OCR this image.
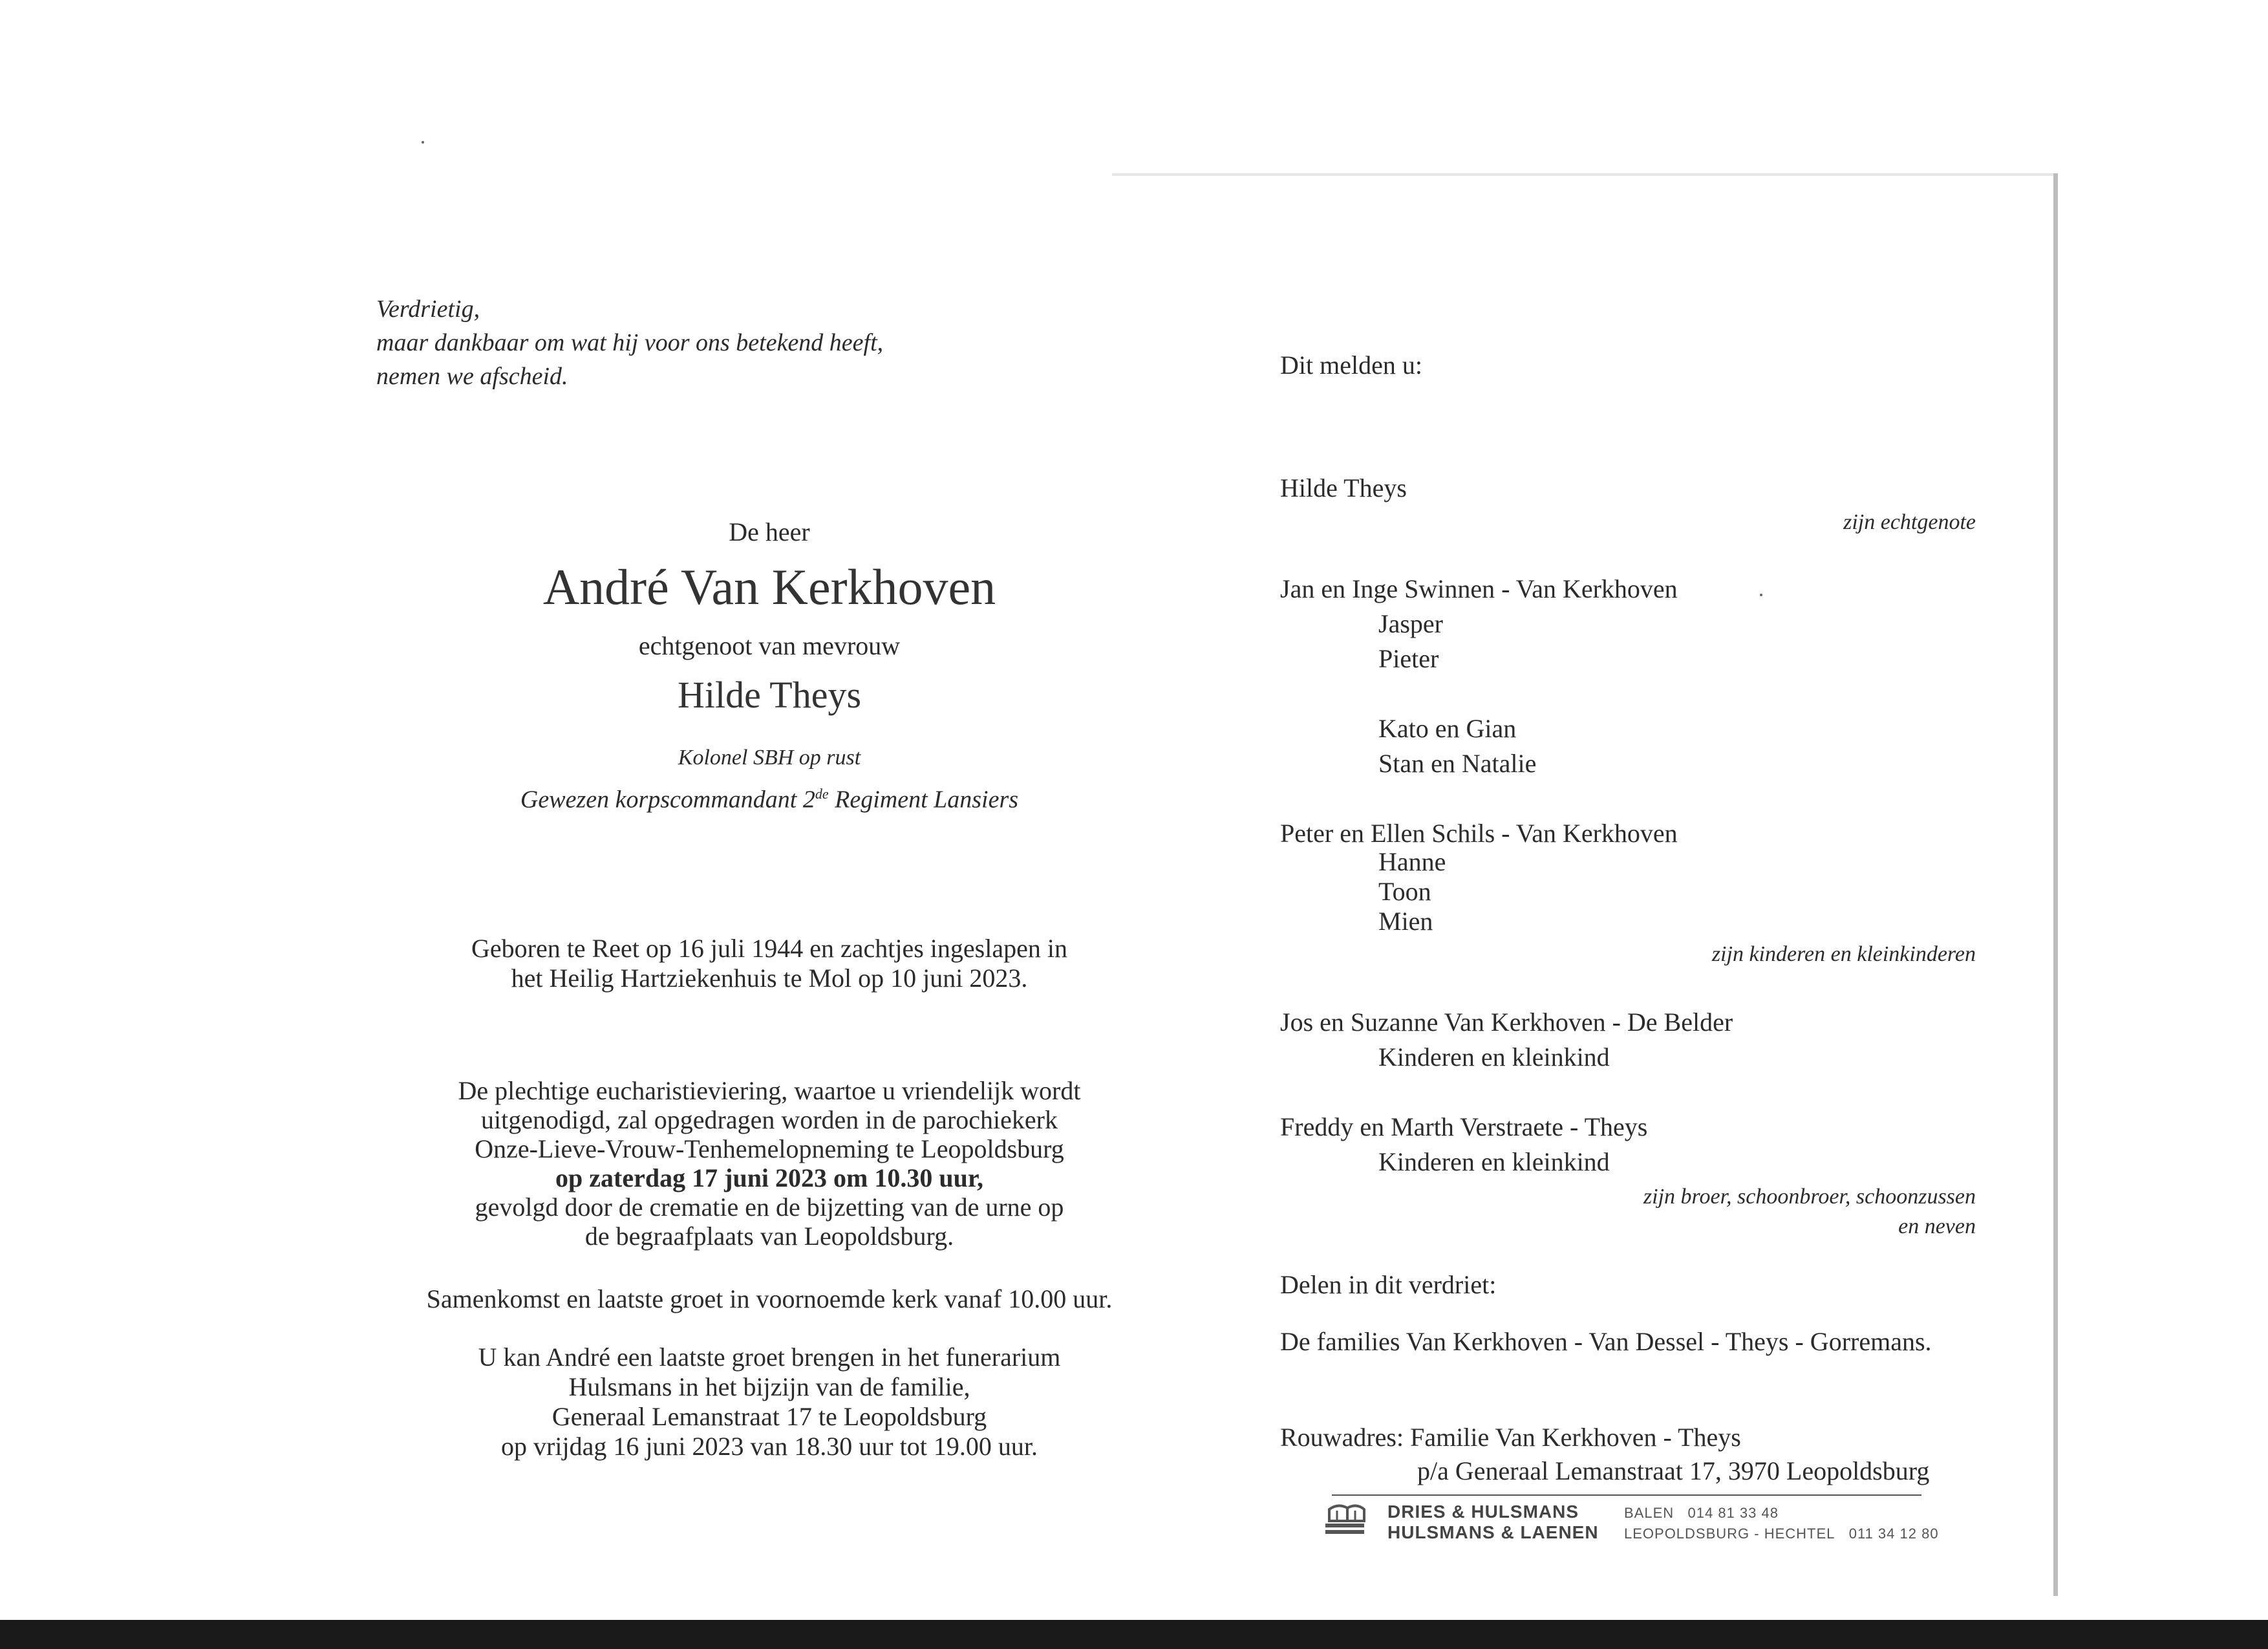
Verdrietig,
maar dankbaar om wat hij voor ons betekend heeft,
nemen we afscheid.
De heer
André Van Kerkhoven
echtgenoot van mevrouw
Hilde Theys
Kolonel SBH op rust
Gewezen korpscommandant 2de Regiment Lansiers
Geboren te Reet op 16 juli 1944 en zachtjes ingeslapen in
het Heilig Hartziekenhuis te Mol op 10 juni 2023.
De plechtige eucharistieviering, waartoe u vriendelijk wordt
uitgenodigd, zal opgedragen worden in de parochiekerk
Onze-Lieve-Vrouw-Tenhemelopneming te Leopoldsburg
op zaterdag 17 juni 2023 om 10.30 uur,
gevolgd door de crematie en de bijzetting van de urne op
de begraafplaats van Leopoldsburg.
Samenkomst en laatste groet in voornoemde kerk vanaf 10.00 uur.
U kan André een laatste groet brengen in het funerarium
Hulsmans in het bijzijn van de familie,
Generaal Lemanstraat 17 te Leopoldsburg
op vrijdag 16 juni 2023 van 18.30 uur tot 19.00 uur.
Dit melden u:
Hilde Theys
zijn echtgenote
Jan en Inge Swinnen - Van Kerkhoven
Jasper
Pieter
Kato en Gian
Stan en Natalie
Peter en Ellen Schils - Van Kerkhoven
Hanne
Toon
Mien
zijn kinderen en kleinkinderen
Jos en Suzanne Van Kerkhoven - De Belder
Kinderen en kleinkind
Freddy en Marth Verstraete - Theys
Kinderen en kleinkind
zijn broer, schoonbroer, schoonzussen
en neven
Delen in dit verdriet:
De families Van Kerkhoven - Van Dessel - Theys - Gorremans.
Rouwadres: Familie Van Kerkhoven - Theys
p/a Generaal Lemanstraat 17, 3970 Leopoldsburg
DRIES & HULSMANS
HULSMANS & LAENEN
BALEN 014 81 33 48
LEOPOLDSBURG - HECHTEL 011 34 12 80
